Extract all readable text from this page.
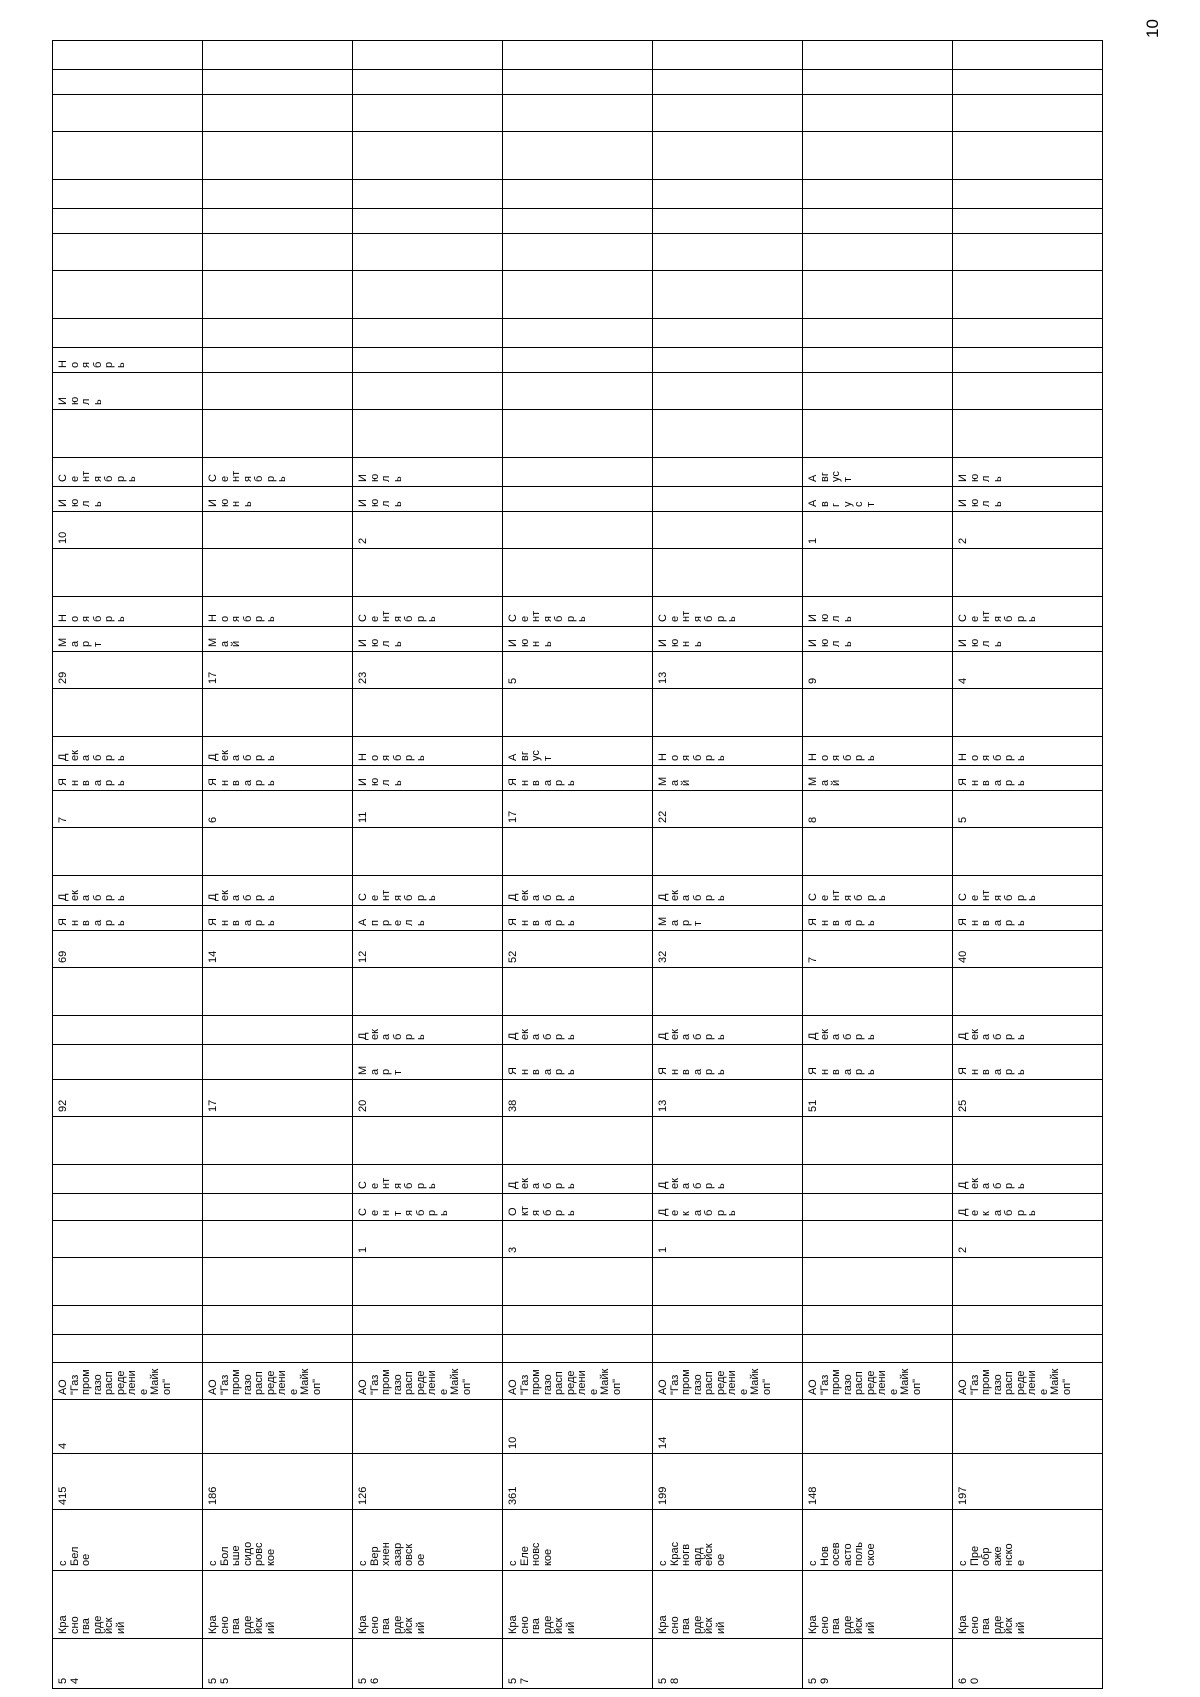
10
5 4
Кра сно гва рде йск ий
с Бел ое
415
4
АО "Газ пром газо расп реде лени е Майк оп"
92
69
Я н в а р ь
Д ек а б р ь
7
Я н в а р ь
Д ек а б р ь
29
М а р т
Н о я б р ь
10
И ю л ь
С е нт я б р ь
И ю л ь
Н о я б р ь
5 5
Кра сно гва рде йск ий
с Бол ьше сидо ровс кое
186
АО "Газ пром газо расп реде лени е Майк оп"
17
14
Я н в а р ь
Д ек а б р ь
6
Я н в а р ь
Д ек а б р ь
17
М а й
Н о я б р ь
И ю н ь
С е нт я б р ь
5 6
Кра сно гва рде йск ий
с Вер хнен азар овск ое
126
АО "Газ пром газо расп реде лени е Майк оп"
1
С е н т я б р ь
С е нт я б р ь
20
М а р т
Д ек а б р ь
12
А п р е л ь
С е нт я б р ь
11
И ю л ь
Н о я б р ь
23
И ю л ь
С е нт я б р ь
2
И ю л ь
И ю л ь
5 7
Кра сно гва рде йск ий
с Еле новс кое
361
10
АО "Газ пром газо расп реде лени е Майк оп"
3
О кт я б р ь
Д ек а б р ь
38
Я н в а р ь
Д ек а б р ь
52
Я н в а р ь
Д ек а б р ь
17
Я н в а р ь
А вг ус т
5
И ю н ь
С е нт я б р ь
5 8
Кра сно гва рде йск ий
с Крас ногв ард ейск ое
199
14
АО "Газ пром газо расп реде лени е Майк оп"
1
Д е к а б р ь
Д ек а б р ь
13
Я н в а р ь
Д ек а б р ь
32
М а р т
Д ек а б р ь
22
М а й
Н о я б р ь
13
И ю н ь
С е нт я б р ь
5 9
Кра сно гва рде йск ий
с Нов осев асто поль ское
148
АО "Газ пром газо расп реде лени е Майк оп"
51
Я н в а р ь
Д ек а б р ь
7
Я н в а р ь
С е нт я б р ь
8
М а й
Н о я б р ь
9
И ю л ь
И ю л ь
1
А в г у с т
А вг ус т
6 0
Кра сно гва рде йск ий
с Пре обр аже нско е
197
АО "Газ пром газо расп реде лени е Майк оп"
2
Д е к а б р ь
Д ек а б р ь
25
Я н в а р ь
Д ек а б р ь
40
Я н в а р ь
С е нт я б р ь
5
Я н в а р ь
Н о я б р ь
4
И ю л ь
С е нт я б р ь
2
И ю л ь
И ю л ь
